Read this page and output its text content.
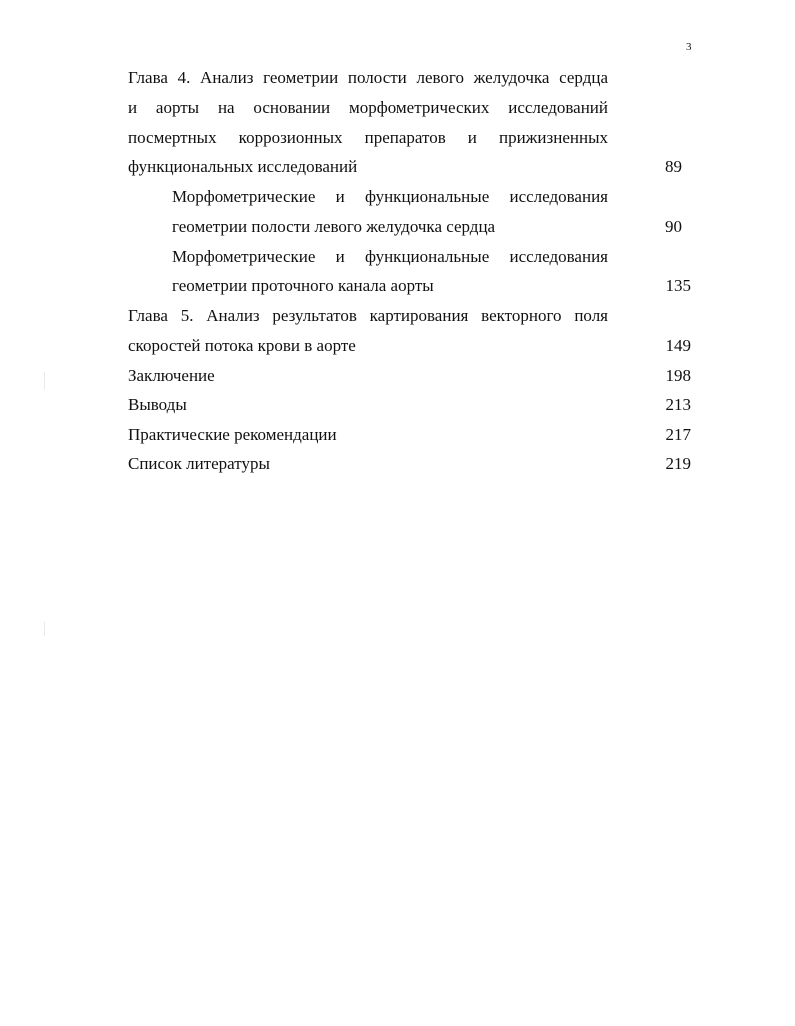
3
Глава 4. Анализ геометрии полости левого желудочка сердца
и аорты на основании морфометрических исследований
посмертных коррозионных препаратов и прижизненных
функциональных исследований	89
Морфометрические и функциональные исследования
геометрии полости левого желудочка сердца	90
Морфометрические и функциональные исследования
геометрии проточного канала аорты	135
Глава 5. Анализ результатов картирования векторного поля
скоростей потока крови в аорте	149
Заключение	198
Выводы	213
Практические рекомендации	217
Список литературы	219
